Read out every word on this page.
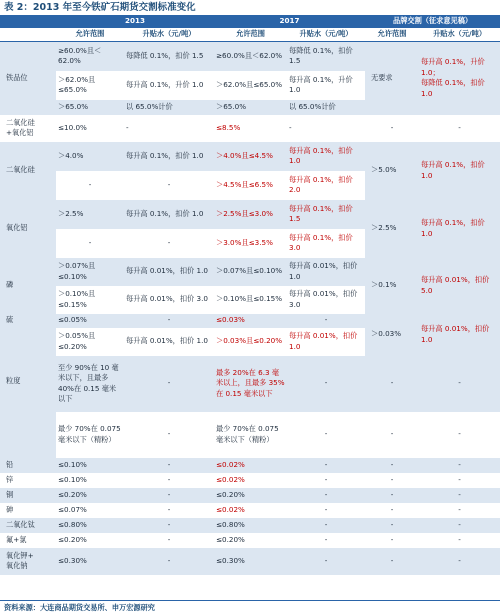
表 2：2013 年至今铁矿石期货交割标准变化
	2013		2017		品牌交割（征求意见稿）	
	允许范围	升贴水（元/吨）	允许范围	升贴水（元/吨）	允许范围	升贴水（元/吨）
铁品位	≥60.0%且＜62.0%	每降低 0.1%，扣价 1.5	≥60.0%且＜62.0%	每降低 0.1%，扣价 1.5	无要求	每升高 0.1%，升价 1.0；
每降低 0.1%，扣价 1.0
	＞62.0%且≤65.0%	每升高 0.1%，升价 1.0	＞62.0%且≤65.0%	每升高 0.1%，升价 1.0		
	＞65.0%	以 65.0%计价	＞65.0%	以 65.0%计价		
二氧化硅
+氧化铝	≤10.0%	-	≤8.5%	-	-	-
二氧化硅	＞4.0%	每升高 0.1%，扣价 1.0	＞4.0%且≤4.5%	每升高 0.1%，扣价 1.0	＞5.0%	每升高 0.1%，扣价 1.0
	-	-	＞4.5%且≤6.5%	每升高 0.1%，扣价 2.0		
氧化铝	＞2.5%	每升高 0.1%，扣价 1.0	＞2.5%且≤3.0%	每升高 0.1%，扣价 1.5	＞2.5%	每升高 0.1%，扣价 1.0
	-	-	＞3.0%且≤3.5%	每升高 0.1%，扣价 3.0		
磷	＞0.07%且≤0.10%	每升高 0.01%，扣价 1.0	＞0.07%且≤0.10%	每升高 0.01%，扣价 1.0	＞0.1%	每升高 0.01%，扣价 5.0
	＞0.10%且≤0.15%	每升高 0.01%，扣价 3.0	＞0.10%且≤0.15%	每升高 0.01%，扣价 3.0		
硫	≤0.05%	-	≤0.03%	-	＞0.03%	每升高 0.01%，扣价 1.0
	＞0.05%且≤0.20%	每升高 0.01%，扣价 1.0	＞0.03%且≤0.20%	每升高 0.01%，扣价 1.0		
粒度	至少 90%在 10 毫米以下，且最多 40%在 0.15 毫米以下	-	最多 20%在 6.3 毫米以上，且最多 35%在 0.15 毫米以下	-	-	-
	最少 70%在 0.075 毫米以下（精粉）	-	最少 70%在 0.075 毫米以下（精粉）	-	-	-
铅	≤0.10%	-	≤0.02%	-	-	-
锌	≤0.10%	-	≤0.02%	-	-	-
铜	≤0.20%	-	≤0.20%	-	-	-
砷	≤0.07%	-	≤0.02%	-	-	-
二氧化钛	≤0.80%	-	≤0.80%	-	-	-
氟+氯	≤0.20%	-	≤0.20%	-	-	-
氧化钾+
氧化钠	≤0.30%	-	≤0.30%	-	-	-
资料来源：大连商品期货交易所、申万宏源研究
